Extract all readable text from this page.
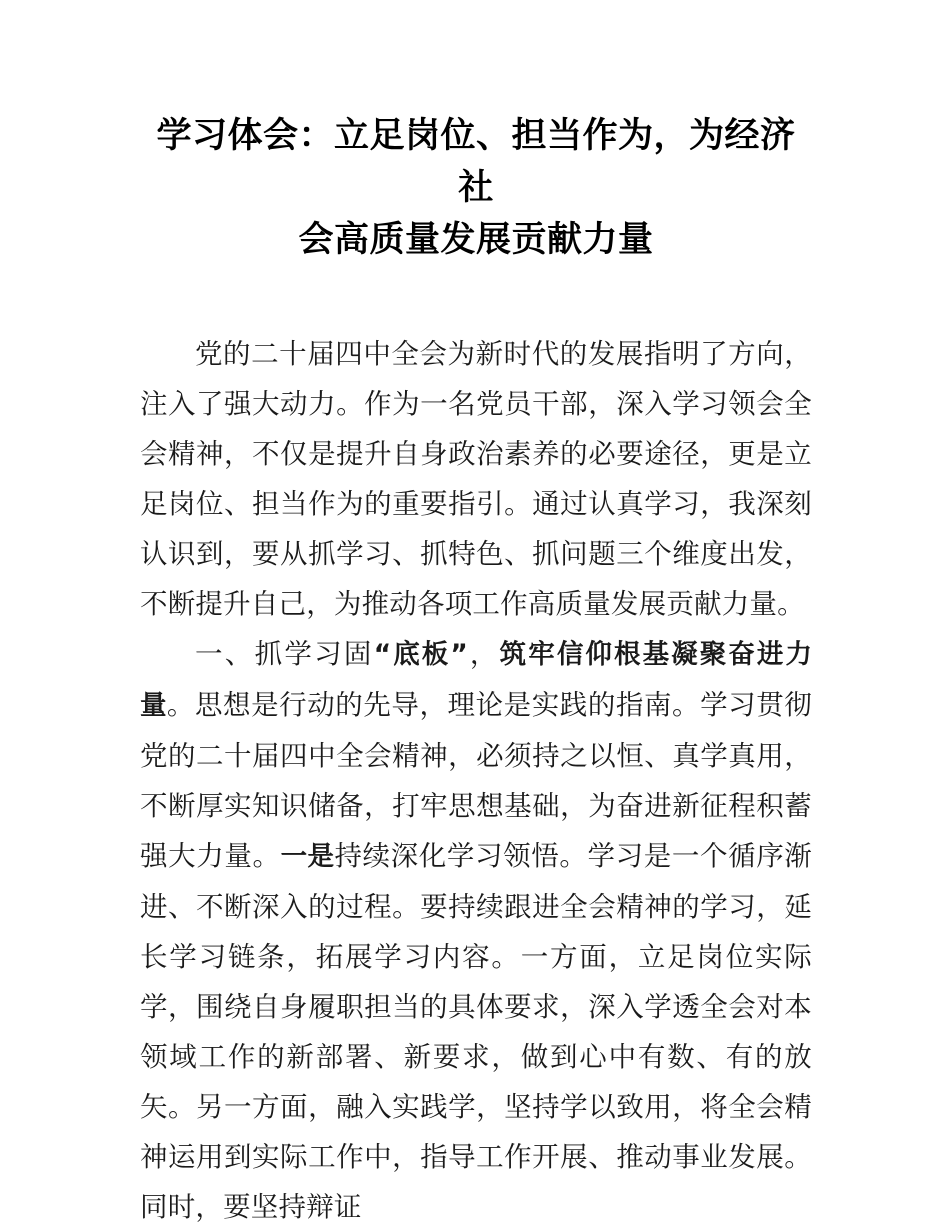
学习体会：立足岗位、担当作为，为经济社
会高质量发展贡献力量

党的二十届四中全会为新时代的发展指明了方向，注入了强大动力。作为一名党员干部，深入学习领会全会精神，不仅是提升自身政治素养的必要途径，更是立足岗位、担当作为的重要指引。通过认真学习，我深刻认识到，要从抓学习、抓特色、抓问题三个维度出发，不断提升自己，为推动各项工作高质量发展贡献力量。

一、抓学习固“底板”，筑牢信仰根基凝聚奋进力量。思想是行动的先导，理论是实践的指南。学习贯彻党的二十届四中全会精神，必须持之以恒、真学真用，不断厚实知识储备，打牢思想基础，为奋进新征程积蓄强大力量。一是持续深化学习领悟。学习是一个循序渐进、不断深入的过程。要持续跟进全会精神的学习，延长学习链条，拓展学习内容。一方面，立足岗位实际学，围绕自身履职担当的具体要求，深入学透全会对本领域工作的新部署、新要求，做到心中有数、有的放矢。另一方面，融入实践学，坚持学以致用，将全会精神运用到实际工作中，指导工作开展、推动事业发展。同时，要坚持辩证
